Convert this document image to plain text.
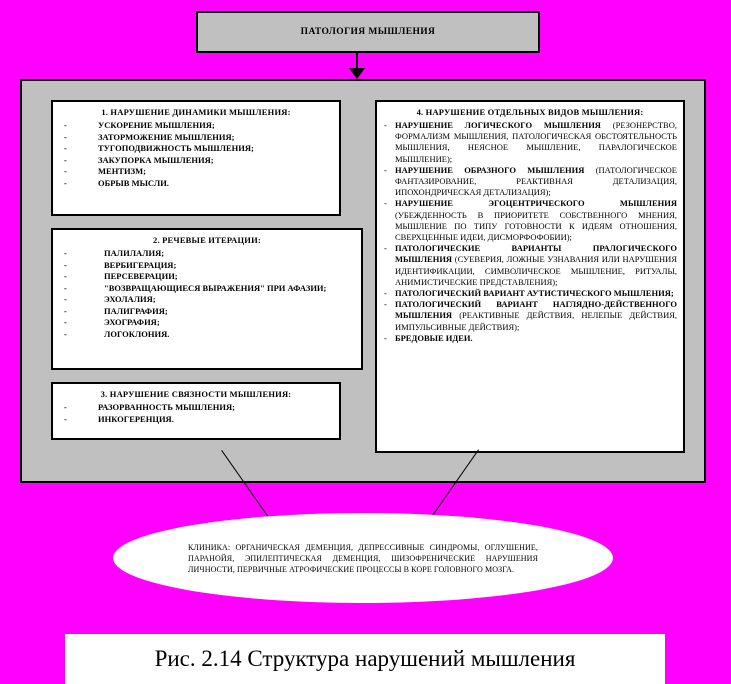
ПАТОЛОГИЯ МЫШЛЕНИЯ
1. НАРУШЕНИЕ ДИНАМИКИ МЫШЛЕНИЯ:
- УСКОРЕНИЕ МЫШЛЕНИЯ;
- ЗАТОРМОЖЕНИЕ МЫШЛЕНИЯ;
- ТУГОПОДВИЖНОСТЬ МЫШЛЕНИЯ;
- ЗАКУПОРКА МЫШЛЕНИЯ;
- МЕНТИЗМ;
- ОБРЫВ МЫСЛИ.
2. РЕЧЕВЫЕ ИТЕРАЦИИ:
- ПАЛИЛАЛИЯ;
- ВЕРБИГЕРАЦИЯ;
- ПЕРСЕВЕРАЦИИ;
- "ВОЗВРАЩАЮЩИЕСЯ ВЫРАЖЕНИЯ" ПРИ АФАЗИИ;
- ЭХОЛАЛИЯ;
- ПАЛИГРАФИЯ;
- ЭХОГРАФИЯ;
- ЛОГОКЛОНИЯ.
3. НАРУШЕНИЕ СВЯЗНОСТИ МЫШЛЕНИЯ:
- РАЗОРВАННОСТЬ МЫШЛЕНИЯ;
- ИНКОГЕРЕНЦИЯ.
4. НАРУШЕНИЕ ОТДЕЛЬНЫХ ВИДОВ МЫШЛЕНИЯ:
- НАРУШЕНИЕ ЛОГИЧЕСКОГО МЫШЛЕНИЯ (РЕЗОНЕРСТВО, ФОРМАЛИЗМ МЫШЛЕНИЯ, ПАТОЛОГИЧЕСКАЯ ОБСТОЯТЕЛЬНОСТЬ МЫШЛЕНИЯ, НЕЯСНОЕ МЫШЛЕНИЕ, ПАРАЛОГИЧЕСКОЕ МЫШЛЕНИЕ);
- НАРУШЕНИЕ ОБРАЗНОГО МЫШЛЕНИЯ (ПАТОЛОГИЧЕСКОЕ ФАНТАЗИРОВАНИЕ, РЕАКТИВНАЯ ДЕТАЛИЗАЦИЯ, ИПОХОНДРИЧЕСКАЯ ДЕТАЛИЗАЦИЯ);
- НАРУШЕНИЕ ЭГОЦЕНТРИЧЕСКОГО МЫШЛЕНИЯ (УБЕЖДЕННОСТЬ В ПРИОРИТЕТЕ СОБСТВЕННОГО МНЕНИЯ, МЫШЛЕНИЕ ПО ТИПУ ГОТОВНОСТИ К ИДЕЯМ ОТНОШЕНИЯ, СВЕРХЦЕННЫЕ ИДЕИ, ДИСМОРФОФОБИИ);
- ПАТОЛОГИЧЕСКИЕ ВАРИАНТЫ ПРАЛОГИЧЕСКОГО МЫШЛЕНИЯ (СУЕВЕРИЯ, ЛОЖНЫЕ УЗНАВАНИЯ ИЛИ НАРУШЕНИЯ ИДЕНТИФИКАЦИИ, СИМВОЛИЧЕСКОЕ МЫШЛЕНИЕ, РИТУАЛЫ, АНИМИСТИЧЕСКИЕ ПРЕДСТАВЛЕНИЯ);
- ПАТОЛОГИЧЕСКИЙ ВАРИАНТ АУТИСТИЧЕСКОГО МЫШЛЕНИЯ;
- ПАТОЛОГИЧЕСКИЙ ВАРИАНТ НАГЛЯДНО-ДЕЙСТВЕННОГО МЫШЛЕНИЯ (РЕАКТИВНЫЕ ДЕЙСТВИЯ, НЕЛЕПЫЕ ДЕЙСТВИЯ, ИМПУЛЬСИВНЫЕ ДЕЙСТВИЯ);
- БРЕДОВЫЕ ИДЕИ.
КЛИНИКА: ОРГАНИЧЕСКАЯ ДЕМЕНЦИЯ, ДЕПРЕССИВНЫЕ СИНДРОМЫ, ОГЛУШЕНИЕ, ПАРАНОЙЯ, ЭПИЛЕПТИЧЕСКАЯ ДЕМЕНЦИЯ, ШИЗОФРЕНИЧЕСКИЕ НАРУШЕНИЯ ЛИЧНОСТИ, ПЕРВИЧНЫЕ АТРОФИЧЕСКИЕ ПРОЦЕССЫ В КОРЕ ГОЛОВНОГО МОЗГА.
Рис. 2.14 Структура нарушений мышления
